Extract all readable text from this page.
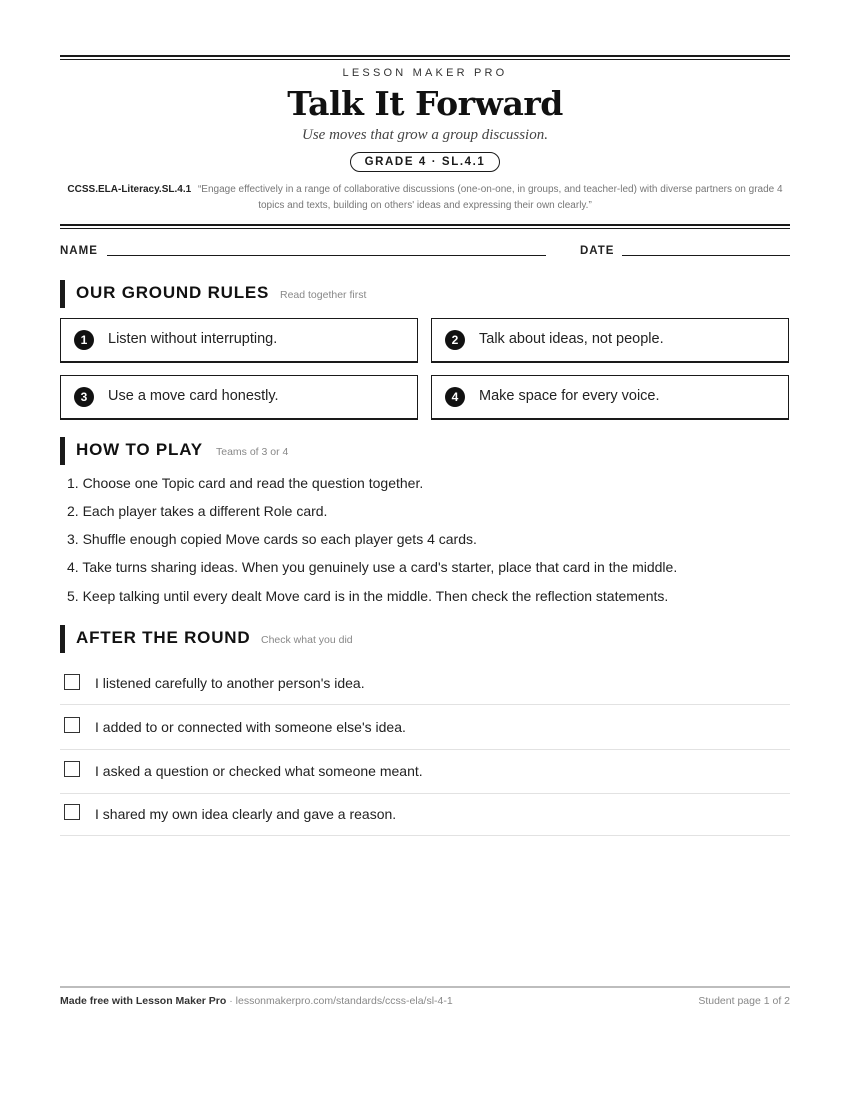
LESSON MAKER PRO
Talk It Forward
Use moves that grow a group discussion.
GRADE 4 · SL.4.1
CCSS.ELA-Literacy.SL.4.1 “Engage effectively in a range of collaborative discussions (one-on-one, in groups, and teacher-led) with diverse partners on grade 4 topics and texts, building on others' ideas and expressing their own clearly.”
NAME	DATE
OUR GROUND RULES Read together first
1	Listen without interrupting.	2	Talk about ideas, not people.
3	Use a move card honestly.	4	Make space for every voice.
HOW TO PLAY Teams of 3 or 4
1. Choose one Topic card and read the question together.
2. Each player takes a different Role card.
3. Shuffle enough copied Move cards so each player gets 4 cards.
4. Take turns sharing ideas. When you genuinely use a card's starter, place that card in the middle.
5. Keep talking until every dealt Move card is in the middle. Then check the reflection statements.
AFTER THE ROUND Check what you did
I listened carefully to another person's idea.
I added to or connected with someone else's idea.
I asked a question or checked what someone meant.
I shared my own idea clearly and gave a reason.
Made free with Lesson Maker Pro · lessonmakerpro.com/standards/ccss-ela/sl-4-1	Student page 1 of 2
